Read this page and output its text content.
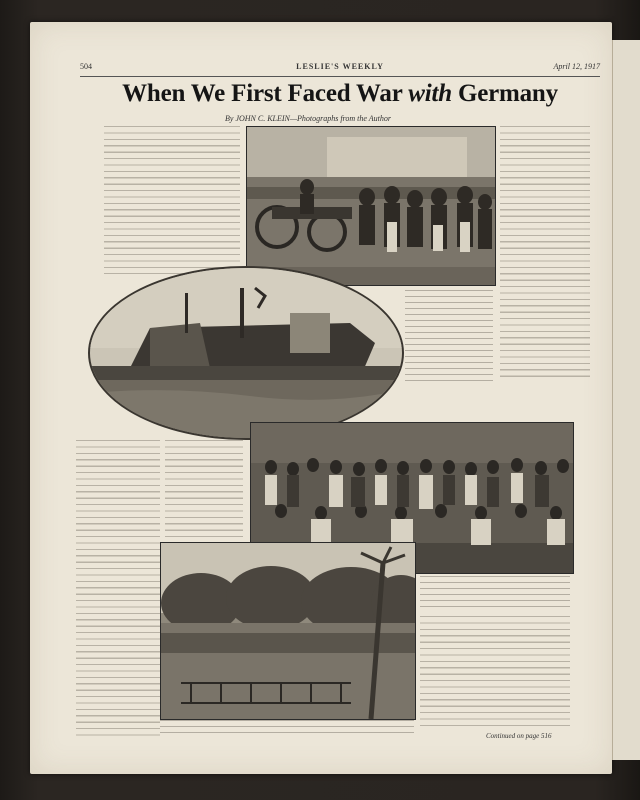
504	LESLIE'S WEEKLY	April 12, 1917
When We First Faced War with Germany
By JOHN C. KLEIN—Photographs from the Author
Continued on page 516
